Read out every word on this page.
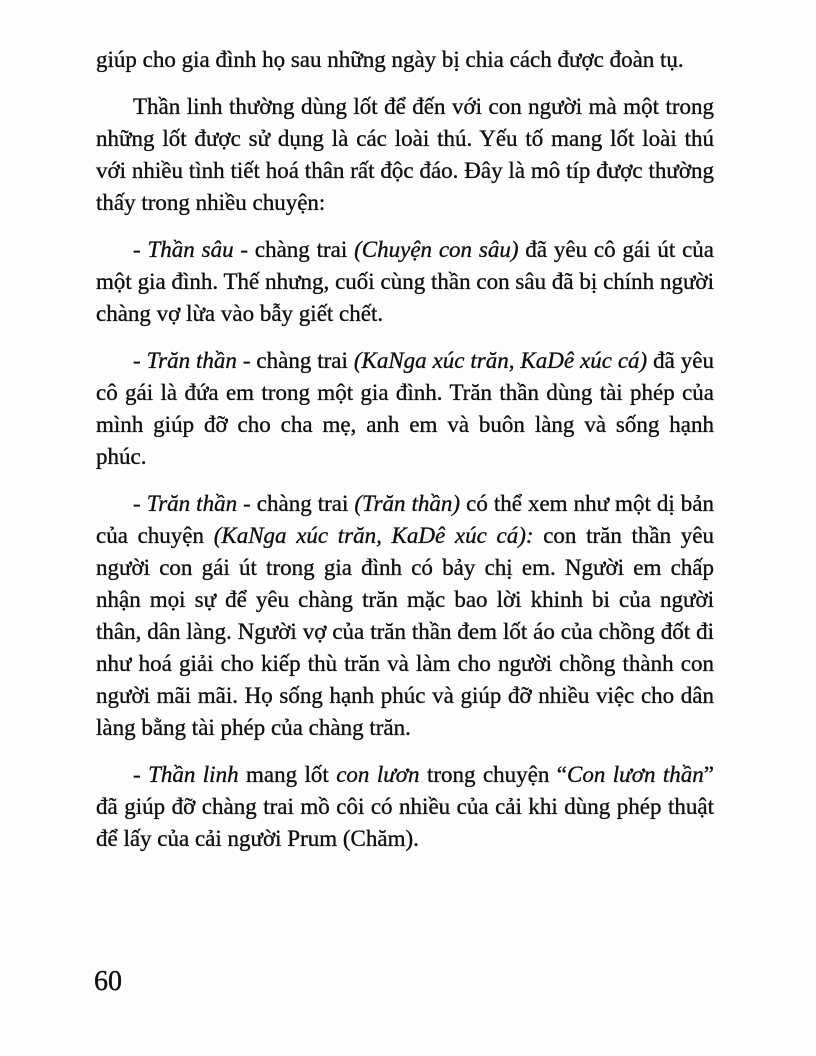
giúp cho gia đình họ sau những ngày bị chia cách được đoàn tụ.

Thần linh thường dùng lốt để đến với con người mà một trong những lốt được sử dụng là các loài thú. Yếu tố mang lốt loài thú với nhiều tình tiết hoá thân rất độc đáo. Đây là mô típ được thường thấy trong nhiều chuyện:

- Thần sâu - chàng trai (Chuyện con sâu) đã yêu cô gái út của một gia đình. Thế nhưng, cuối cùng thần con sâu đã bị chính người chàng vợ lừa vào bẫy giết chết.

- Trăn thần - chàng trai (KaNga xúc trăn, KaDê xúc cá) đã yêu cô gái là đứa em trong một gia đình. Trăn thần dùng tài phép của mình giúp đỡ cho cha mẹ, anh em và buôn làng và sống hạnh phúc.

- Trăn thần - chàng trai (Trăn thần) có thể xem như một dị bản của chuyện (KaNga xúc trăn, KaDê xúc cá): con trăn thần yêu người con gái út trong gia đình có bảy chị em. Người em chấp nhận mọi sự để yêu chàng trăn mặc bao lời khinh bi của người thân, dân làng. Người vợ của trăn thần đem lốt áo của chồng đốt đi như hoá giải cho kiếp thù trăn và làm cho người chồng thành con người mãi mãi. Họ sống hạnh phúc và giúp đỡ nhiều việc cho dân làng bằng tài phép của chàng trăn.

- Thần linh mang lốt con lươn trong chuyện “Con lươn thần” đã giúp đỡ chàng trai mồ côi có nhiều của cải khi dùng phép thuật để lấy của cải người Prum (Chăm).

60
